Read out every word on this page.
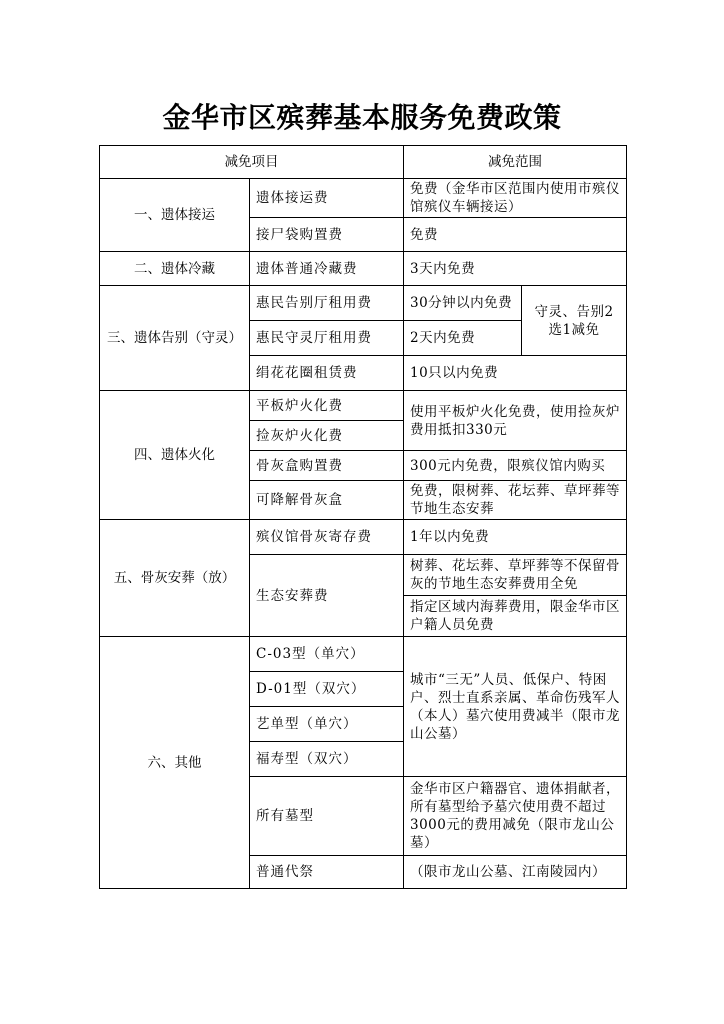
金华市区殡葬基本服务免费政策
减免项目		减免范围	
一、遗体接运	遗体接运费	免费（金华市区范围内使用市殡仪馆殡仪车辆接运）	
	接尸袋购置费	免费	
二、遗体冷藏	遗体普通冷藏费	3天内免费	
三、遗体告别（守灵）	惠民告别厅租用费	30分钟以内免费	守灵、告别2选1减免
	惠民守灵厅租用费	2天内免费	
	绢花花圈租赁费	10只以内免费	
四、遗体火化	平板炉火化费	使用平板炉火化免费，使用捡灰炉费用抵扣330元	
	捡灰炉火化费		
	骨灰盒购置费	300元内免费，限殡仪馆内购买	
	可降解骨灰盒	免费，限树葬、花坛葬、草坪葬等节地生态安葬	
五、骨灰安葬（放）	殡仪馆骨灰寄存费	1年以内免费	
	生态安葬费	树葬、花坛葬、草坪葬等不保留骨灰的节地生态安葬费用全免	
		指定区域内海葬费用，限金华市区户籍人员免费	
六、其他	C-03型（单穴）	城市“三无”人员、低保户、特困户、烈士直系亲属、革命伤残军人（本人）墓穴使用费减半（限市龙山公墓）	
	D-01型（双穴）		
	艺单型（单穴）		
	福寿型（双穴）		
	所有墓型	金华市区户籍器官、遗体捐献者，所有墓型给予墓穴使用费不超过3000元的费用减免（限市龙山公墓）	
	普通代祭	（限市龙山公墓、江南陵园内）	
